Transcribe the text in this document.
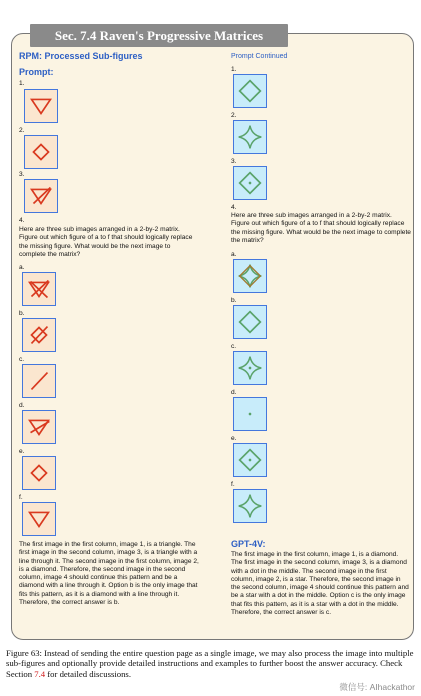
Sec. 7.4 Raven's Progressive Matrices
RPM: Processed Sub-figures
Prompt:
1.
2.
3.
4.
Here are three sub images arranged in a 2-by-2 matrix. Figure out which figure of a to f that should logically replace the missing figure. What would be the next image to complete the matrix?
a.
b.
c.
d.
e.
f.
The first image in the first column, image 1, is a triangle. The first image in the second column, image 3, is a triangle with a line through it. The second image in the first column, image 2, is a diamond. Therefore, the second image in the second column, image 4 should continue this pattern and be a diamond with a line through it. Option b is the only image that fits this pattern, as it is a diamond with a line through it. Therefore, the correct answer is b.
Prompt Continued
1.
2.
3.
4.
Here are three sub images arranged in a 2-by-2 matrix. Figure out which figure of a to f that should logically replace the missing figure. What would be the next image to complete the matrix?
a.
b.
c.
d.
e.
f.
GPT-4V:
The first image in the first column, image 1, is a diamond. The first image in the second column, image 3, is a diamond with a dot in the middle. The second image in the first column, image 2, is a star. Therefore, the second image in the second column, image 4 should continue this pattern and be a star with a dot in the middle. Option c is the only image that fits this pattern, as it is a star with a dot in the middle. Therefore, the correct answer is c.
Figure 63: Instead of sending the entire question page as a single image, we may also process the image into multiple sub-figures and optionally provide detailed instructions and examples to further boost the answer accuracy. Check Section 7.4 for detailed discussions.
微信号: AIhackathor
